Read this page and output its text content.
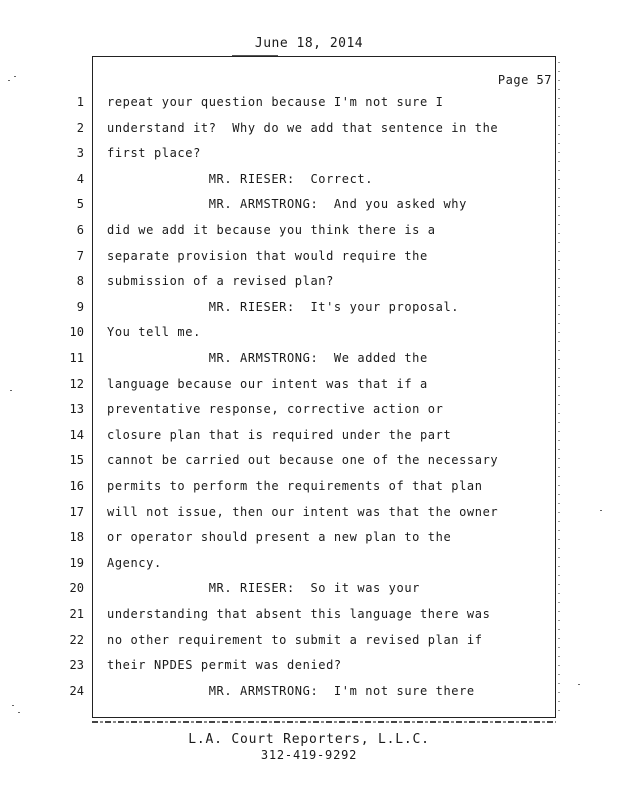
June 18, 2014
Page 57
1 repeat your question because I'm not sure I
2 understand it?  Why do we add that sentence in the
3 first place?
4 MR. RIESER:  Correct.
5 MR. ARMSTRONG:  And you asked why
6 did we add it because you think there is a
7 separate provision that would require the
8 submission of a revised plan?
9 MR. RIESER:  It's your proposal.
10 You tell me.
11 MR. ARMSTRONG:  We added the
12 language because our intent was that if a
13 preventative response, corrective action or
14 closure plan that is required under the part
15 cannot be carried out because one of the necessary
16 permits to perform the requirements of that plan
17 will not issue, then our intent was that the owner
18 or operator should present a new plan to the
19 Agency.
20 MR. RIESER:  So it was your
21 understanding that absent this language there was
22 no other requirement to submit a revised plan if
23 their NPDES permit was denied?
24 MR. ARMSTRONG:  I'm not sure there
L.A. Court Reporters, L.L.C.
312-419-9292
